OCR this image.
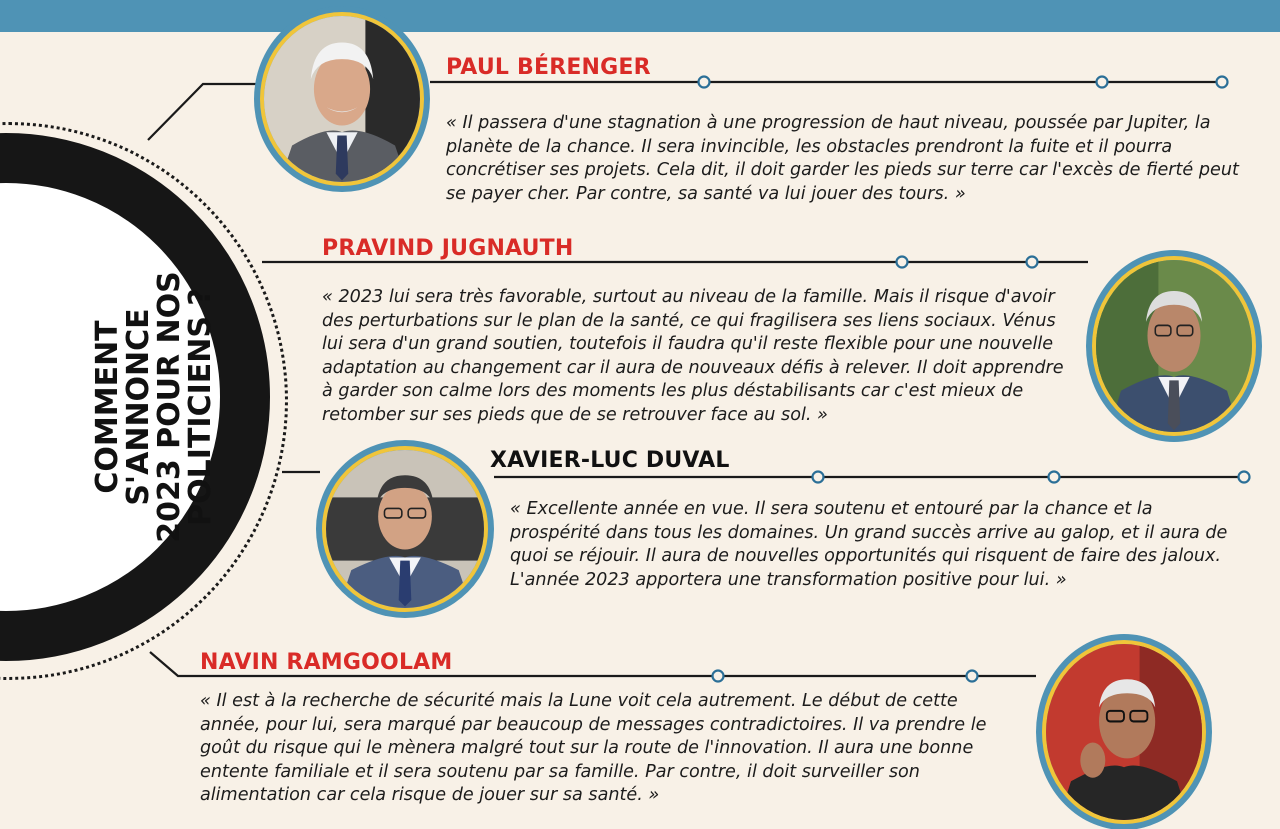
COMMENT
S'ANNONCE
2023 POUR NOS
POLITICIENS ?
PAUL BÉRENGER
« Il passera d'une stagnation à une progression de haut niveau, poussée par Jupiter, la planète de la chance. Il sera invincible, les obstacles prendront la fuite et il pourra concrétiser ses projets. Cela dit, il doit garder les pieds sur terre car l'excès de fierté peut se payer cher. Par contre, sa santé va lui jouer des tours. »
PRAVIND JUGNAUTH
« 2023 lui sera très favorable, surtout au niveau de la famille. Mais il risque d'avoir des perturbations sur le plan de la santé, ce qui fragilisera ses liens sociaux. Vénus lui sera d'un grand soutien, toutefois il faudra qu'il reste flexible pour une nouvelle adaptation au changement car il aura de nouveaux défis à relever. Il doit apprendre à garder son calme lors des moments les plus déstabilisants car c'est mieux de retomber sur ses pieds que de se retrouver face au sol. »
XAVIER-LUC DUVAL
« Excellente année en vue. Il sera soutenu et entouré par la chance et la prospérité dans tous les domaines. Un grand succès arrive au galop, et il aura de quoi se réjouir. Il aura de nouvelles opportunités qui risquent de faire des jaloux. L'année 2023 apportera une transformation positive pour lui. »
NAVIN RAMGOOLAM
« Il est à la recherche de sécurité mais la Lune voit cela autrement. Le début de cette année, pour lui, sera marqué par beaucoup de messages contradictoires. Il va prendre le goût du risque qui le mènera malgré tout sur la route de l'innovation. Il aura une bonne entente familiale et il sera soutenu par sa famille. Par contre, il doit surveiller son alimentation car cela risque de jouer sur sa santé. »
